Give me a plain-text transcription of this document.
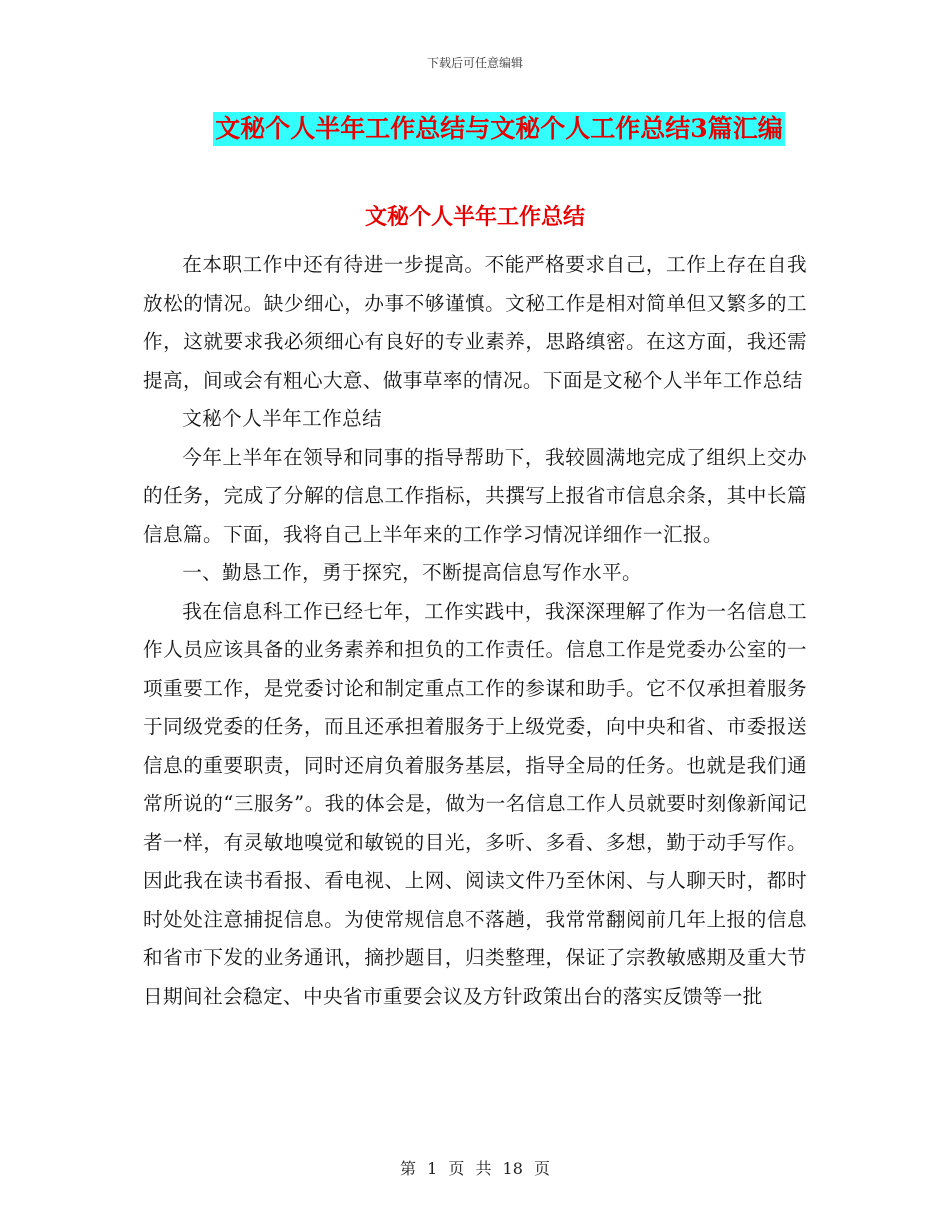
下载后可任意编辑
文秘个人半年工作总结与文秘个人工作总结3篇汇编
文秘个人半年工作总结

在本职工作中还有待进一步提高。不能严格要求自己，工作上存在自我放松的情况。缺少细心，办事不够谨慎。文秘工作是相对简单但又繁多的工作，这就要求我必须细心有良好的专业素养，思路缜密。在这方面，我还需提高，间或会有粗心大意、做事草率的情况。下面是文秘个人半年工作总结

文秘个人半年工作总结

今年上半年在领导和同事的指导帮助下，我较圆满地完成了组织上交办的任务，完成了分解的信息工作指标，共撰写上报省市信息余条，其中长篇信息篇。下面，我将自己上半年来的工作学习情况详细作一汇报。

一、勤恳工作，勇于探究，不断提高信息写作水平。

我在信息科工作已经七年，工作实践中，我深深理解了作为一名信息工作人员应该具备的业务素养和担负的工作责任。信息工作是党委办公室的一项重要工作，是党委讨论和制定重点工作的参谋和助手。它不仅承担着服务于同级党委的任务，而且还承担着服务于上级党委，向中央和省、市委报送信息的重要职责，同时还肩负着服务基层，指导全局的任务。也就是我们通常所说的“三服务”。我的体会是，做为一名信息工作人员就要时刻像新闻记者一样，有灵敏地嗅觉和敏锐的目光，多听、多看、多想，勤于动手写作。因此我在读书看报、看电视、上网、阅读文件乃至休闲、与人聊天时，都时时处处注意捕捉信息。为使常规信息不落趟，我常常翻阅前几年上报的信息和省市下发的业务通讯，摘抄题目，归类整理，保证了宗教敏感期及重大节日期间社会稳定、中央省市重要会议及方针政策出台的落实反馈等一批

第 1 页 共 18 页
